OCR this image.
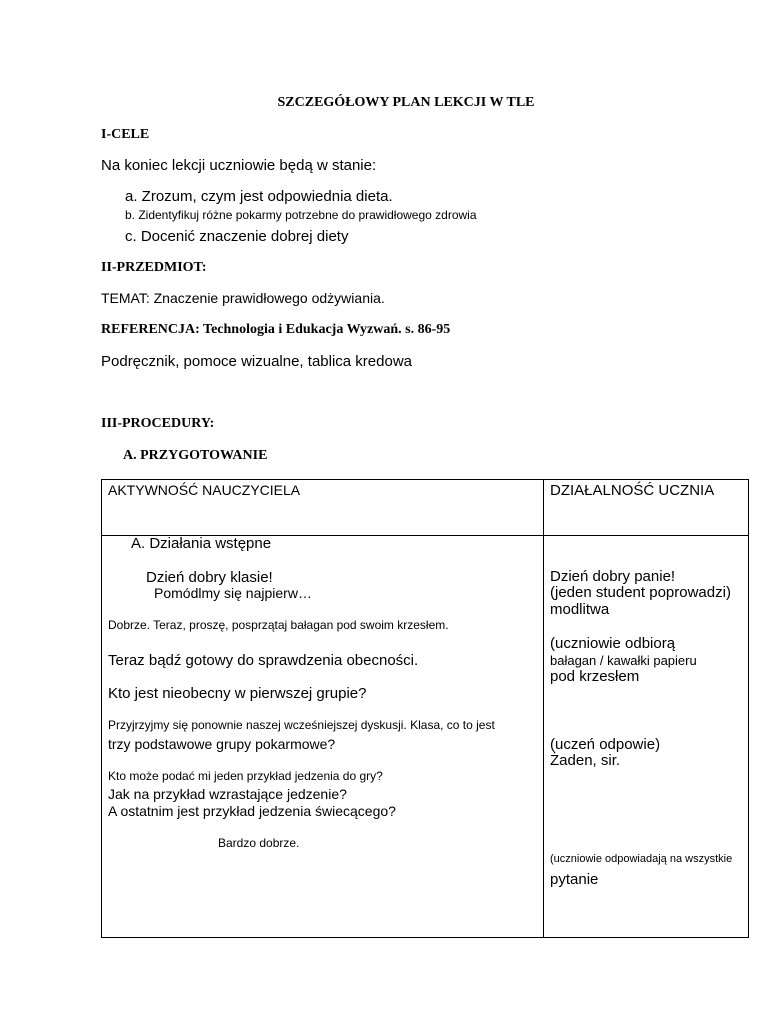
SZCZEGÓŁOWY PLAN LEKCJI W TLE
I-CELE
Na koniec lekcji uczniowie będą w stanie:
a. Zrozum, czym jest odpowiednia dieta.
b. Zidentyfikuj różne pokarmy potrzebne do prawidłowego zdrowia
c. Docenić znaczenie dobrej diety
II-PRZEDMIOT:
TEMAT: Znaczenie prawidłowego odżywiania.
REFERENCJA: Technologia i Edukacja Wyzwań. s. 86-95
Podręcznik, pomoce wizualne, tablica kredowa
III-PROCEDURY:
A. PRZYGOTOWANIE
AKTYWNOŚĆ NAUCZYCIELA	DZIAŁALNOŚĆ UCZNIA
A. Działania wstępne
Dzień dobry klasie!
Pomódlmy się najpierw…
Dobrze. Teraz, proszę, posprzątaj bałagan pod swoim krzesłem.
Teraz bądź gotowy do sprawdzenia obecności.
Kto jest nieobecny w pierwszej grupie?
Przyjrzyjmy się ponownie naszej wcześniejszej dyskusji. Klasa, co to jest
trzy podstawowe grupy pokarmowe?
Kto może podać mi jeden przykład jedzenia do gry?
Jak na przykład wzrastające jedzenie?
A ostatnim jest przykład jedzenia świecącego?
Bardzo dobrze.
Dzień dobry panie!
(jeden student poprowadzi)
modlitwa
(uczniowie odbiorą
bałagan / kawałki papieru
pod krzesłem
(uczeń odpowie)
Żaden, sir.
(uczniowie odpowiadają na wszystkie
pytanie
